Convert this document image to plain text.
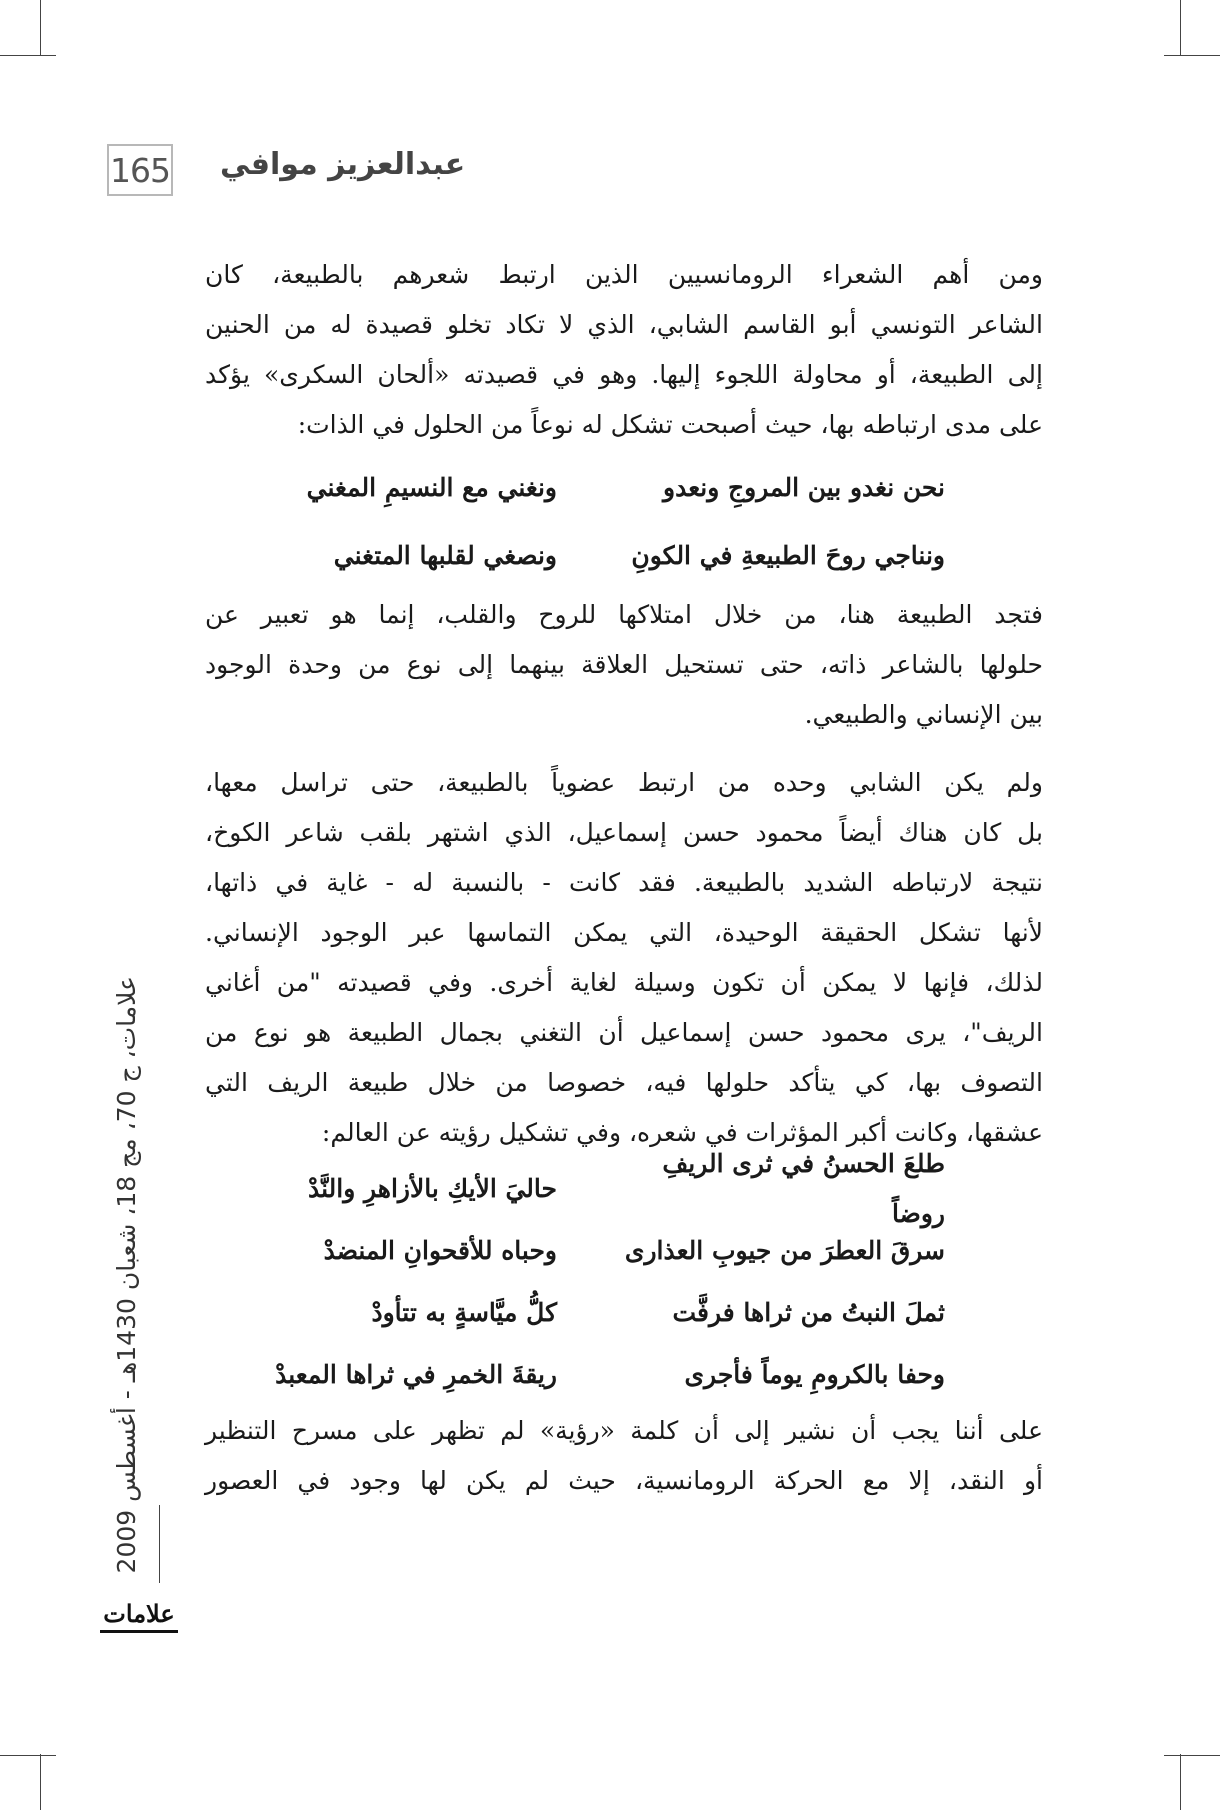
165 عبدالعزيز موافي

ومن أهم الشعراء الرومانسيين الذين ارتبط شعرهم بالطبيعة، كان
الشاعر التونسي أبو القاسم الشابي، الذي لا تكاد تخلو قصيدة له من الحنين
إلى الطبيعة، أو محاولة اللجوء إليها. وهو في قصيدته «ألحان السكرى» يؤكد
على مدى ارتباطه بها، حيث أصبحت تشكل له نوعاً من الحلول في الذات:

نحن نغدو بين المروجِ ونعدو
ونغني مع النسيمِ المغني
ونناجي روحَ الطبيعةِ في الكونِ
ونصغي لقلبها المتغني

فتجد الطبيعة هنا، من خلال امتلاكها للروح والقلب، إنما هو تعبير عن
حلولها بالشاعر ذاته، حتى تستحيل العلاقة بينهما إلى نوع من وحدة الوجود
بين الإنساني والطبيعي.

ولم يكن الشابي وحده من ارتبط عضوياً بالطبيعة، حتى تراسل معها،
بل كان هناك أيضاً محمود حسن إسماعيل، الذي اشتهر بلقب شاعر الكوخ،
نتيجة لارتباطه الشديد بالطبيعة. فقد كانت - بالنسبة له - غاية في ذاتها،
لأنها تشكل الحقيقة الوحيدة، التي يمكن التماسها عبر الوجود الإنساني.
لذلك، فإنها لا يمكن أن تكون وسيلة لغاية أخرى. وفي قصيدته "من أغاني
الريف"، يرى محمود حسن إسماعيل أن التغني بجمال الطبيعة هو نوع من
التصوف بها، كي يتأكد حلولها فيه، خصوصا من خلال طبيعة الريف التي
عشقها، وكانت أكبر المؤثرات في شعره، وفي تشكيل رؤيته عن العالم:

طلعَ الحسنُ في ثرى الريفِ روضاً
حاليَ الأيكِ بالأزاهرِ والنَّدْ
سرقَ العطرَ من جيوبِ العذارى
وحباه للأقحوانِ المنضدْ
ثملَ النبتُ من ثراها فرفَّت
كلُّ ميَّاسةٍ به تتأودْ
وحفا بالكرومِ يوماً فأجرى
ريقةَ الخمرِ في ثراها المعبدْ

على أننا يجب أن نشير إلى أن كلمة «رؤية» لم تظهر على مسرح التنظير
أو النقد، إلا مع الحركة الرومانسية، حيث لم يكن لها وجود في العصور

علامات، ج 70، مج 18، شعبان 1430هـ - أغسطس 2009
علامات
